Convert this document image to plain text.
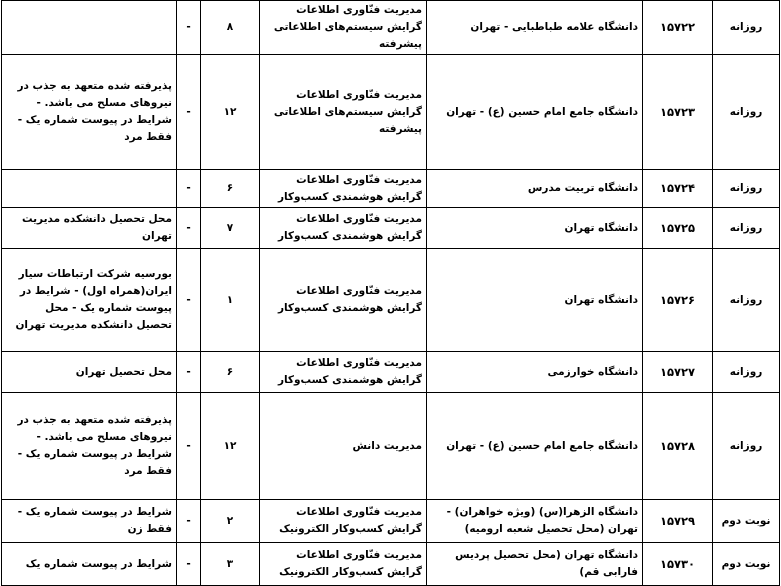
روزانه	۱۵۷۲۲	دانشگاه علامه طباطبایی - تهران	مدیریت فنّاوری اطلاعات گرایش سیستم‌های اطلاعاتی پیشرفته	۸	-	
روزانه	۱۵۷۲۳	دانشگاه جامع امام حسین (ع) - تهران	مدیریت فنّاوری اطلاعات گرایش سیستم‌های اطلاعاتی پیشرفته	۱۲	-	پذیرفته شده متعهد به جذب در نیروهای مسلح می باشد. - شرایط در پیوست شماره یک - فقط مرد
روزانه	۱۵۷۲۴	دانشگاه تربیت مدرس	مدیریت فنّاوری اطلاعات گرایش هوشمندی کسب‌وکار	۶	-	
روزانه	۱۵۷۲۵	دانشگاه تهران	مدیریت فنّاوری اطلاعات گرایش هوشمندی کسب‌وکار	۷	-	محل تحصیل دانشکده مدیریت تهران
روزانه	۱۵۷۲۶	دانشگاه تهران	مدیریت فنّاوری اطلاعات گرایش هوشمندی کسب‌وکار	۱	-	بورسیه شرکت ارتباطات سیار ایران(همراه اول) - شرایط در پیوست شماره یک - محل تحصیل دانشکده مدیریت تهران
روزانه	۱۵۷۲۷	دانشگاه خوارزمی	مدیریت فنّاوری اطلاعات گرایش هوشمندی کسب‌وکار	۶	-	محل تحصیل تهران
روزانه	۱۵۷۲۸	دانشگاه جامع امام حسین (ع) - تهران	مدیریت دانش	۱۲	-	پذیرفته شده متعهد به جذب در نیروهای مسلح می باشد. - شرایط در پیوست شماره یک - فقط مرد
نوبت دوم	۱۵۷۲۹	دانشگاه الزهرا(س) (ویژه خواهران) - تهران (محل تحصیل شعبه ارومیه)	مدیریت فنّاوری اطلاعات گرایش کسب‌وکار الکترونیک	۲	-	شرایط در پیوست شماره یک - فقط زن
نوبت دوم	۱۵۷۳۰	دانشگاه تهران (محل تحصیل پردیس فارابی قم)	مدیریت فنّاوری اطلاعات گرایش کسب‌وکار الکترونیک	۳	-	شرایط در پیوست شماره یک
